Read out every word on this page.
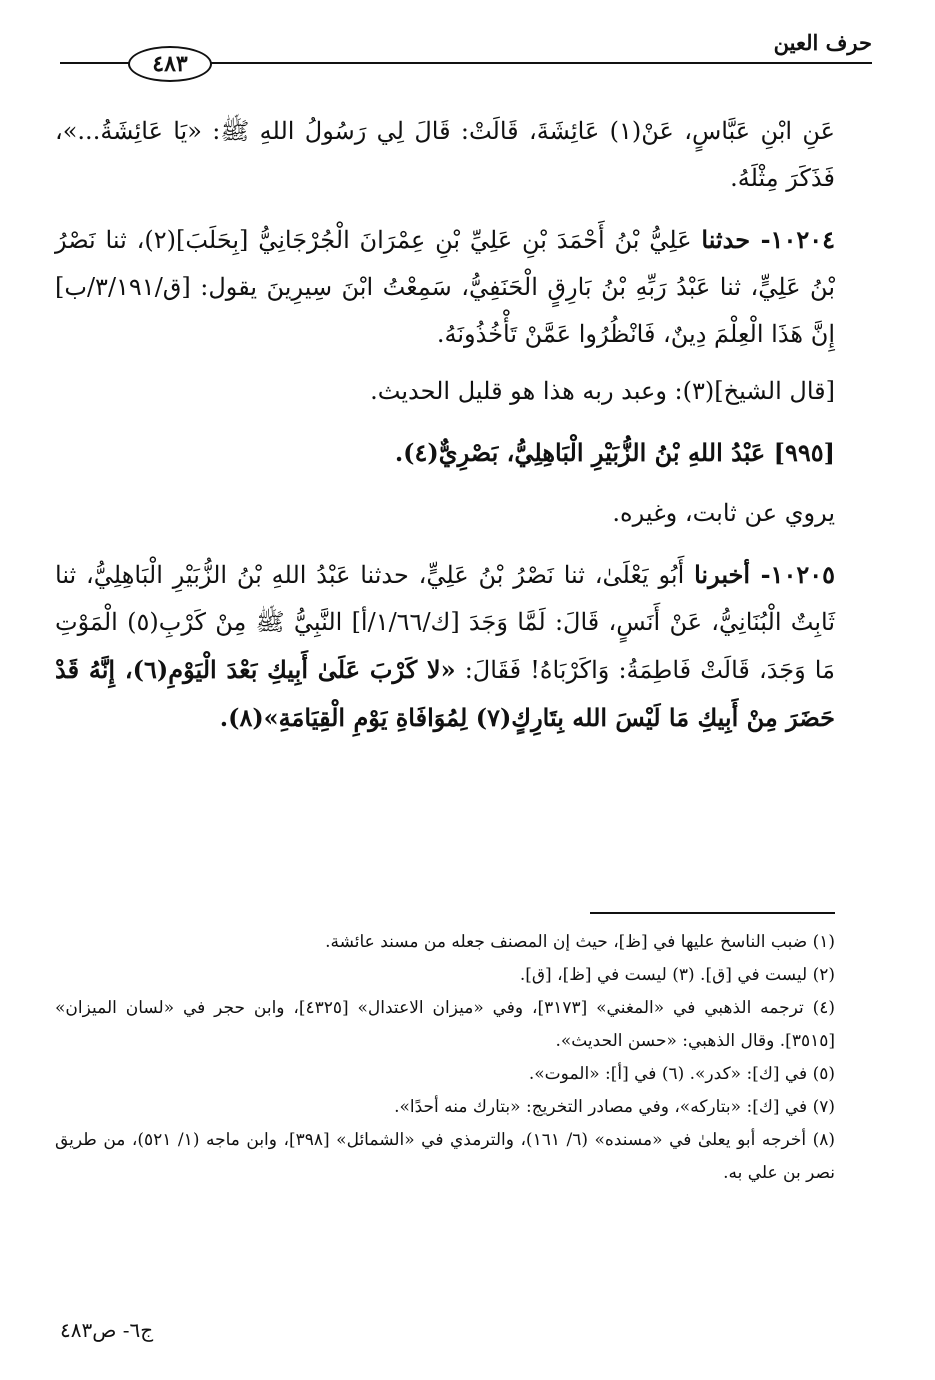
حرف العين
٤٨٣

عَنِ ابْنِ عَبَّاسٍ، عَنْ(١) عَائِشَةَ، قَالَتْ: قَالَ لِي رَسُولُ اللهِ ﷺ: «يَا عَائِشَةُ...»، فَذَكَرَ مِثْلَهُ.

١٠٢٠٤- حدثنا عَلِيُّ بْنُ أَحْمَدَ بْنِ عَلِيِّ بْنِ عِمْرَانَ الْجُرْجَانِيُّ [بِحَلَبَ](٢)، ثنا نَصْرُ بْنُ عَلِيٍّ، ثنا عَبْدُ رَبِّهِ بْنُ بَارِقٍ الْحَنَفِيُّ، سَمِعْتُ ابْنَ سِيرِينَ يقول: [ق/٣/١٩١/ب] إِنَّ هَذَا الْعِلْمَ دِينٌ، فَانْظُرُوا عَمَّنْ تَأْخُذُونَهُ.

[قال الشيخ](٣): وعبد ربه هذا هو قليل الحديث.

[٩٩٥] عَبْدُ اللهِ بْنُ الزُّبَيْرِ الْبَاهِلِيُّ، بَصْرِيٌّ(٤).

يروي عن ثابت، وغيره.

١٠٢٠٥- أخبرنا أَبُو يَعْلَىٰ، ثنا نَصْرُ بْنُ عَلِيٍّ، حدثنا عَبْدُ اللهِ بْنُ الزُّبَيْرِ الْبَاهِلِيُّ، ثنا ثَابِتٌ الْبُنَانِيُّ، عَنْ أَنَسٍ، قَالَ: لَمَّا وَجَدَ [ك/١/٦٦/أ] النَّبِيُّ ﷺ مِنْ كَرْبِ(٥) الْمَوْتِ مَا وَجَدَ، قَالَتْ فَاطِمَةُ: وَاكَرْبَاهُ! فَقَالَ: «لا كَرْبَ عَلَىٰ أَبِيكِ بَعْدَ الْيَوْمِ(٦)، إِنَّهُ قَدْ حَضَرَ مِنْ أَبِيكِ مَا لَيْسَ الله بِتَارِكٍ(٧) لِمُوَافَاةِ يَوْمِ الْقِيَامَةِ»(٨).

(١) ضبب الناسخ عليها في [ظ]، حيث إن المصنف جعله من مسند عائشة.

(٢) ليست في [ق]. (٣) ليست في [ظ]، [ق].

(٤) ترجمه الذهبي في «المغني» [٣١٧٣]، وفي «ميزان الاعتدال» [٤٣٢٥]، وابن حجر في «لسان الميزان» [٣٥١٥]. وقال الذهبي: «حسن الحديث».

(٥) في [ك]: «كدر». (٦) في [أ]: «الموت».

(٧) في [ك]: «بتاركه»، وفي مصادر التخريج: «بتارك منه أحدًا».

(٨) أخرجه أبو يعلىٰ في «مسنده» (٦/ ١٦١)، والترمذي في «الشمائل» [٣٩٨]، وابن ماجه (١/ ٥٢١)، من طريق نصر بن علي به.

ج٦- ص٤٨٣
